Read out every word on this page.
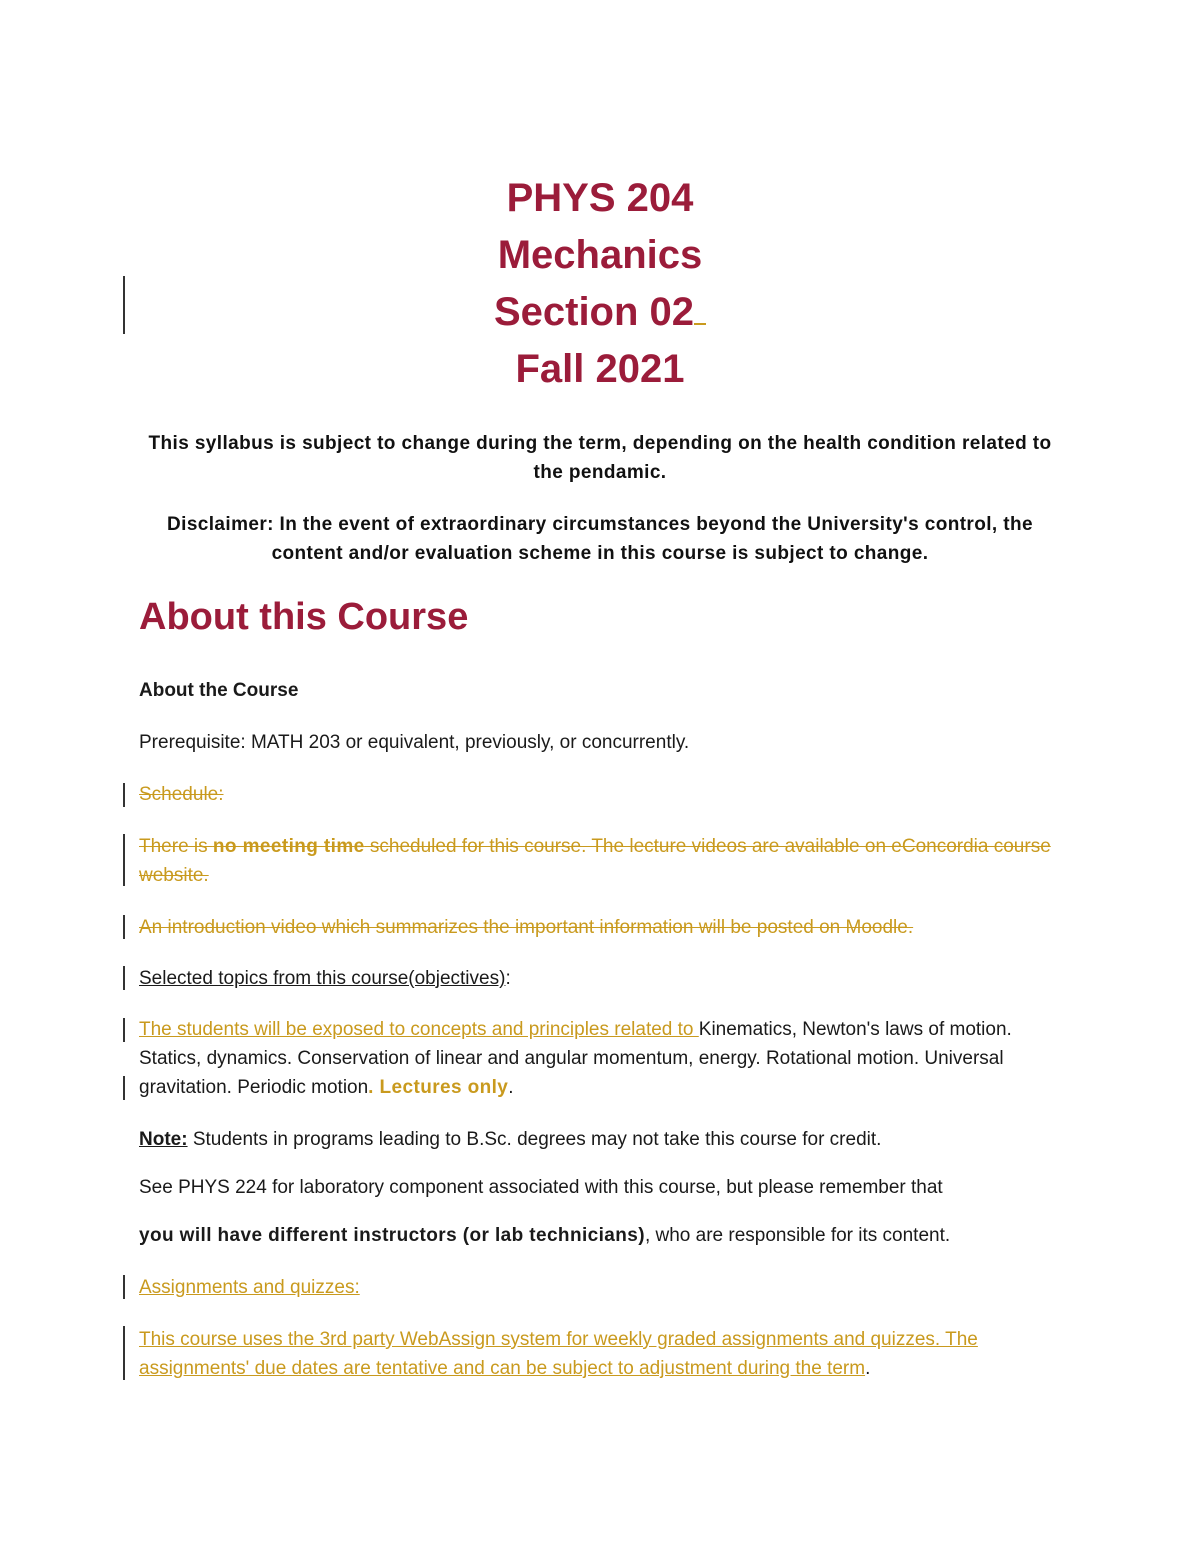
PHYS 204
Mechanics
Section 02
Fall 2021
This syllabus is subject to change during the term, depending on the health condition related to the pendamic.
Disclaimer: In the event of extraordinary circumstances beyond the University's control, the content and/or evaluation scheme in this course is subject to change.
About this Course
About the Course
Prerequisite: MATH 203 or equivalent, previously, or concurrently.
Schedule:
There is no meeting time scheduled for this course. The lecture videos are available on eConcordia course website.
An introduction video which summarizes the important information will be posted on Moodle.
Selected topics from this course(objectives):
The students will be exposed to concepts and principles related to Kinematics, Newton's laws of motion. Statics, dynamics. Conservation of linear and angular momentum, energy. Rotational motion. Universal gravitation. Periodic motion. Lectures only.
Note: Students in programs leading to B.Sc. degrees may not take this course for credit.
See PHYS 224 for laboratory component associated with this course, but please remember that
you will have different instructors (or lab technicians), who are responsible for its content.
Assignments and quizzes:
This course uses the 3rd party WebAssign system for weekly graded assignments and quizzes. The assignments' due dates are tentative and can be subject to adjustment during the term.
